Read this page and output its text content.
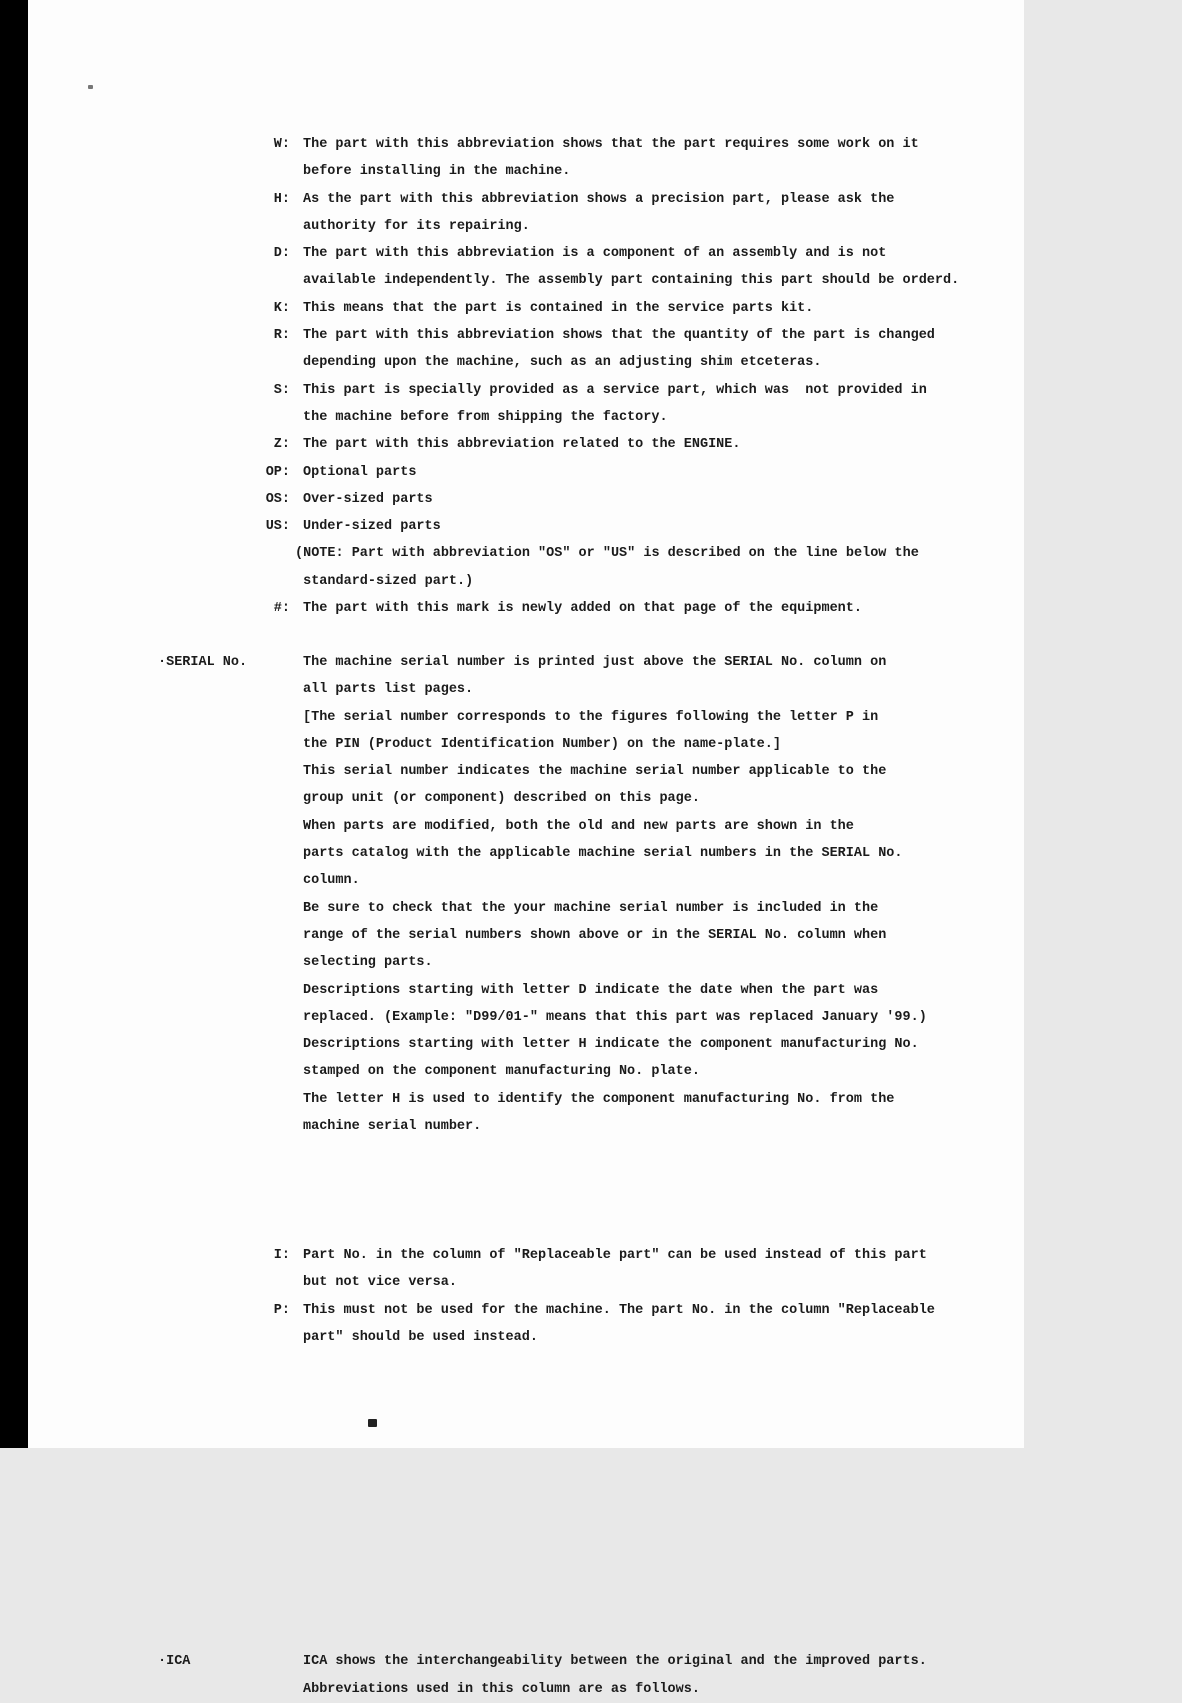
W: The part with this abbreviation shows that the part requires some work on it
before installing in the machine.
H: As the part with this abbreviation shows a precision part, please ask the
authority for its repairing.
D: The part with this abbreviation is a component of an assembly and is not
available independently. The assembly part containing this part should be orderd.
K: This means that the part is contained in the service parts kit.
R: The part with this abbreviation shows that the quantity of the part is changed
depending upon the machine, such as an adjusting shim etceteras.
S: This part is specially provided as a service part, which was  not provided in
the machine before from shipping the factory.
Z: The part with this abbreviation related to the ENGINE.
OP: Optional parts
OS: Over-sized parts
US: Under-sized parts
(NOTE: Part with abbreviation ″OS″ or ″US″ is described on the line below the
standard-sized part.)
#: The part with this mark is newly added on that page of the equipment.
·SERIAL No.	The machine serial number is printed just above the SERIAL No. column on
all parts list pages.
[The serial number corresponds to the figures following the letter P in
the PIN (Product Identification Number) on the name-plate.]
This serial number indicates the machine serial number applicable to the
group unit (or component) described on this page.
When parts are modified, both the old and new parts are shown in the
parts catalog with the applicable machine serial numbers in the SERIAL No.
column.
Be sure to check that the your machine serial number is included in the
range of the serial numbers shown above or in the SERIAL No. column when
selecting parts.
Descriptions starting with letter D indicate the date when the part was
replaced. (Example: ″D99/01-″ means that this part was replaced January '99.)
Descriptions starting with letter H indicate the component manufacturing No.
stamped on the component manufacturing No. plate.
The letter H is used to identify the component manufacturing No. from the
machine serial number.
·ICA	ICA shows the interchangeability between the original and the improved parts.
Abbreviations used in this column are as follows.
I: Part No. in the column of ″Replaceable part″ can be used instead of this part
but not vice versa.
P: This must not be used for the machine. The part No. in the column ″Replaceable
part″ should be used instead.
